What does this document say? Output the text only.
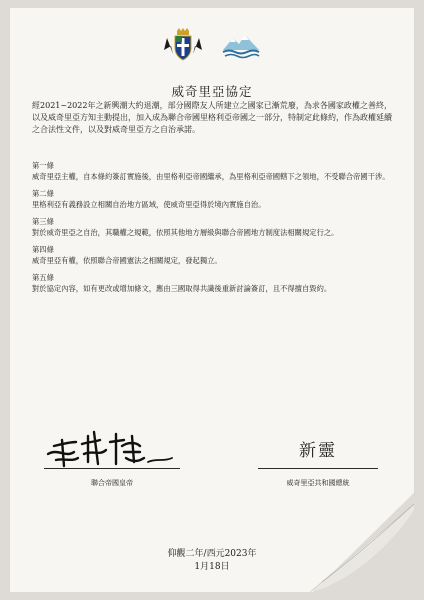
威奇里亞協定
經2021~2022年之新興潮大約退潮，部分國際友人所建立之國家已漸荒廢，為求各國家政權之善終，以及威奇里亞方知主動提出，加入成為聯合帝國里格利亞帝國之一部分，特制定此條約，作為政權延續之合法性文件，以及對威奇里亞方之自治承諾。
第一條
威奇里亞主權，自本條約簽訂實施後，由里格利亞帝國繼承，為里格利亞帝國轄下之領地，不受聯合帝國干涉。
第二條
里格利亞有義務設立相關自治地方區域，使威奇里亞得於境內實施自治。
第三條
對於威奇里亞之自治，其職權之規範，依照其他地方層級與聯合帝國地方制度法相關規定行之。
第四條
威奇里亞有權，依照聯合帝國憲法之相關規定，發起獨立。
第五條
對於協定內容，如有更改或增加條文，應由三國取得共識後重新討論簽訂，且不得擅自毀約。
聯合帝國皇帝
新靈
威奇里亞共和國總統
仰觀二年/西元2023年
1月18日
